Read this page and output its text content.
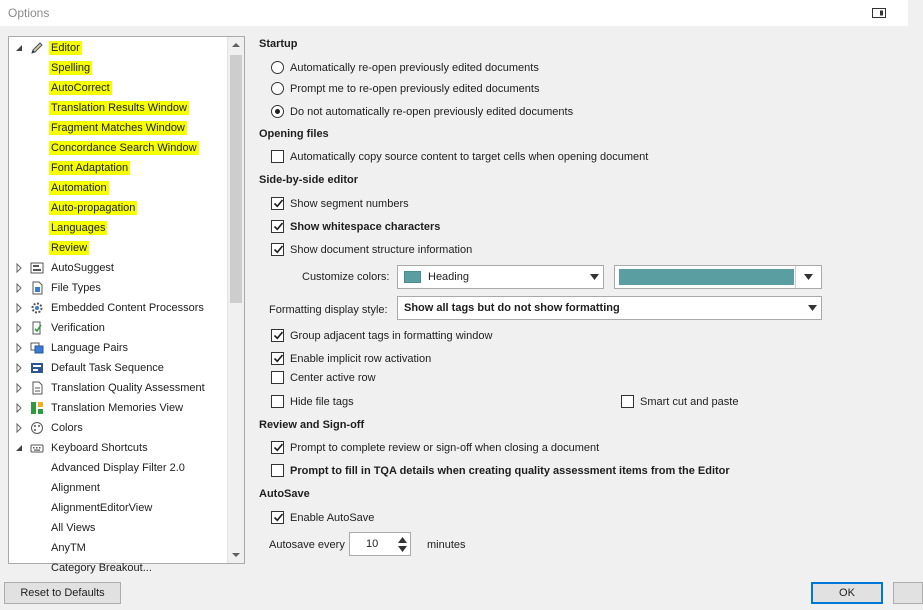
Options
Editor
Spelling
AutoCorrect
Translation Results Window
Fragment Matches Window
Concordance Search Window
Font Adaptation
Automation
Auto-propagation
Languages
Review
AutoSuggest
File Types
Embedded Content Processors
Verification
Language Pairs
Default Task Sequence
Translation Quality Assessment
Translation Memories View
Colors
Keyboard Shortcuts
Advanced Display Filter 2.0
Alignment
AlignmentEditorView
All Views
AnyTM
Category Breakout...
Startup
Automatically re-open previously edited documents
Prompt me to re-open previously edited documents
Do not automatically re-open previously edited documents
Opening files
Automatically copy source content to target cells when opening document
Side-by-side editor
Show segment numbers
Show whitespace characters
Show document structure information
Customize colors:	Heading
Formatting display style: Show all tags but do not show formatting
Group adjacent tags in formatting window
Enable implicit row activation
Center active row
Hide file tags	Smart cut and paste
Review and Sign-off
Prompt to complete review or sign-off when closing a document
Prompt to fill in TQA details when creating quality assessment items from the Editor
AutoSave
Enable AutoSave
Autosave every 10	minutes
Reset to Defaults	OK
